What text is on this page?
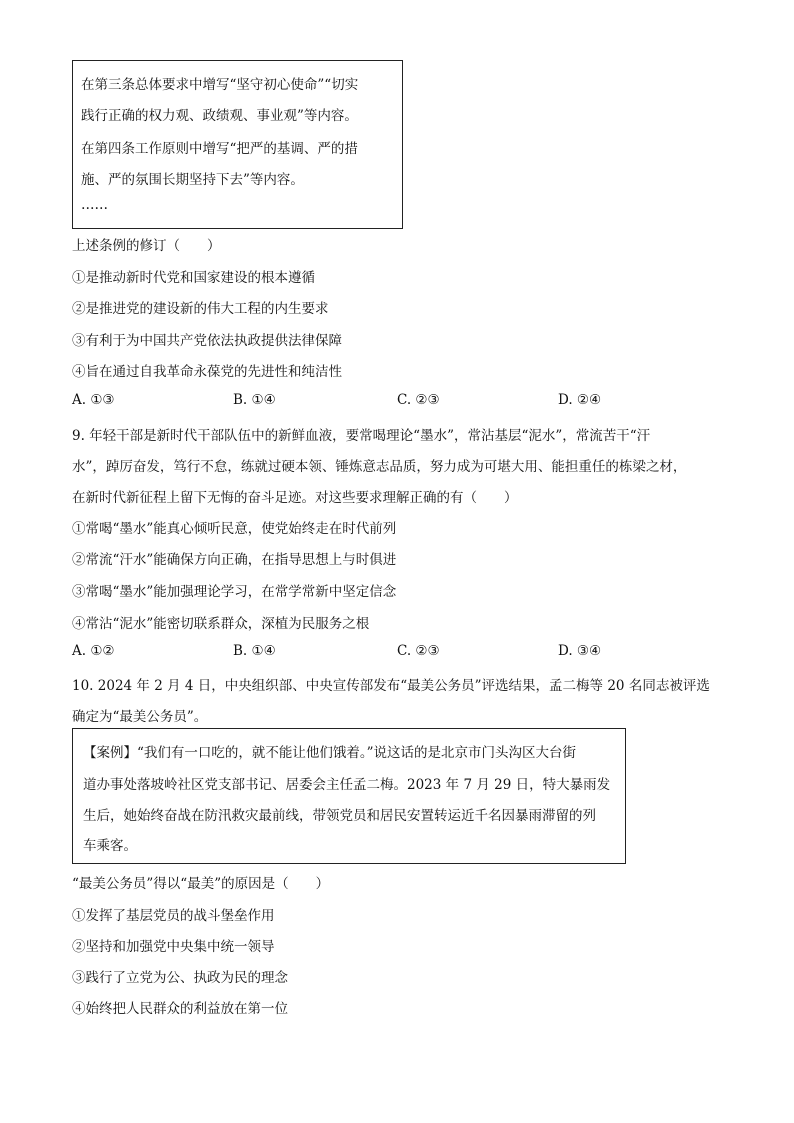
在第三条总体要求中增写“坚守初心使命”“切实
践行正确的权力观、政绩观、事业观”等内容。
在第四条工作原则中增写“把严的基调、严的措
施、严的氛围长期坚持下去”等内容。
……
上述条例的修订（　　）
①是推动新时代党和国家建设的根本遵循
②是推进党的建设新的伟大工程的内生要求
③有利于为中国共产党依法执政提供法律保障
④旨在通过自我革命永葆党的先进性和纯洁性
A. ①③	B. ①④	C. ②③	D. ②④
9. 年轻干部是新时代干部队伍中的新鲜血液，要常喝理论“墨水”，常沾基层“泥水”，常流苦干“汗
水”，踔厉奋发，笃行不怠，练就过硬本领、锤炼意志品质，努力成为可堪大用、能担重任的栋梁之材，
在新时代新征程上留下无悔的奋斗足迹。对这些要求理解正确的有（　　）
①常喝“墨水”能真心倾听民意，使党始终走在时代前列
②常流“汗水”能确保方向正确，在指导思想上与时俱进
③常喝“墨水”能加强理论学习，在常学常新中坚定信念
④常沾“泥水”能密切联系群众，深植为民服务之根
A. ①②	B. ①④	C. ②③	D. ③④
10. 2024 年 2 月 4 日，中央组织部、中央宣传部发布“最美公务员”评选结果，孟二梅等 20 名同志被评选
确定为“最美公务员”。
【案例】“我们有一口吃的，就不能让他们饿着。”说这话的是北京市门头沟区大台街
道办事处落坡岭社区党支部书记、居委会主任孟二梅。2023 年 7 月 29 日，特大暴雨发
生后，她始终奋战在防汛救灾最前线，带领党员和居民安置转运近千名因暴雨滞留的列
车乘客。
“最美公务员”得以“最美”的原因是（　　）
①发挥了基层党员的战斗堡垒作用
②坚持和加强党中央集中统一领导
③践行了立党为公、执政为民的理念
④始终把人民群众的利益放在第一位
